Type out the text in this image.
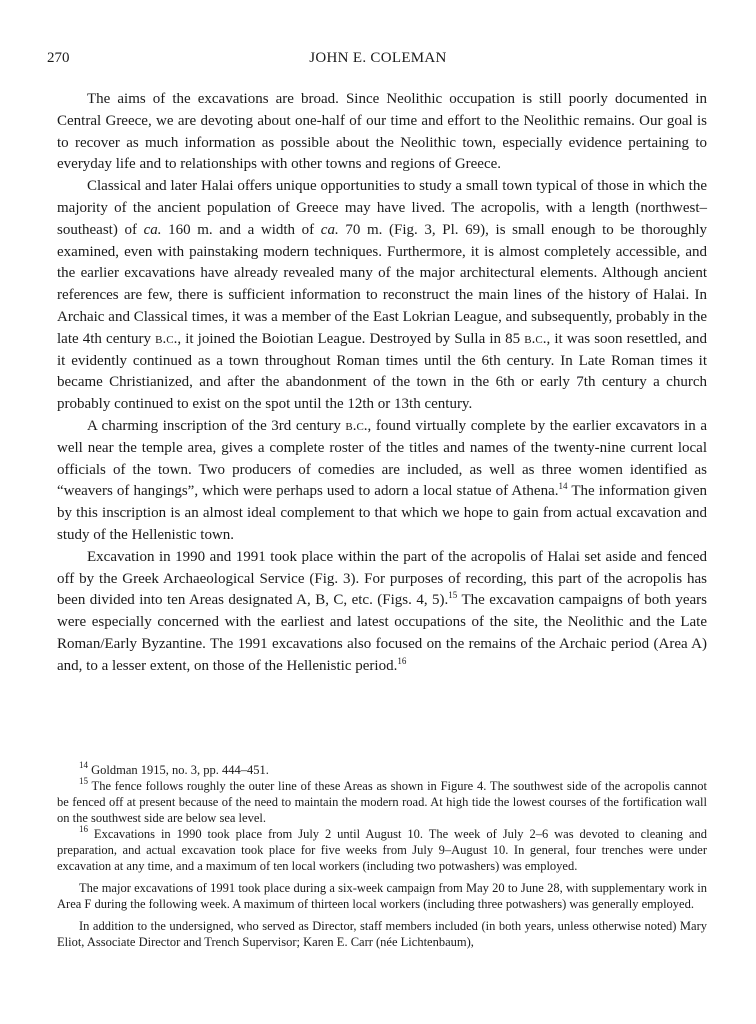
270	JOHN E. COLEMAN

The aims of the excavations are broad. Since Neolithic occupation is still poorly documented in Central Greece, we are devoting about one-half of our time and effort to the Neolithic remains. Our goal is to recover as much information as possible about the Neolithic town, especially evidence pertaining to everyday life and to relationships with other towns and regions of Greece.

Classical and later Halai offers unique opportunities to study a small town typical of those in which the majority of the ancient population of Greece may have lived. The acropolis, with a length (northwest–southeast) of ca. 160 m. and a width of ca. 70 m. (Fig. 3, Pl. 69), is small enough to be thoroughly examined, even with painstaking modern techniques. Furthermore, it is almost completely accessible, and the earlier excavations have already revealed many of the major architectural elements. Although ancient references are few, there is sufficient information to reconstruct the main lines of the history of Halai. In Archaic and Classical times, it was a member of the East Lokrian League, and subsequently, probably in the late 4th century b.c., it joined the Boiotian League. Destroyed by Sulla in 85 b.c., it was soon resettled, and it evidently continued as a town throughout Roman times until the 6th century. In Late Roman times it became Christianized, and after the abandonment of the town in the 6th or early 7th century a church probably continued to exist on the spot until the 12th or 13th century.

A charming inscription of the 3rd century b.c., found virtually complete by the earlier excavators in a well near the temple area, gives a complete roster of the titles and names of the twenty-nine current local officials of the town. Two producers of comedies are included, as well as three women identified as “weavers of hangings”, which were perhaps used to adorn a local statue of Athena.$^{14}$ The information given by this inscription is an almost ideal complement to that which we hope to gain from actual excavation and study of the Hellenistic town.

Excavation in 1990 and 1991 took place within the part of the acropolis of Halai set aside and fenced off by the Greek Archaeological Service (Fig. 3). For purposes of recording, this part of the acropolis has been divided into ten Areas designated A, B, C, etc. (Figs. 4, 5).$^{15}$ The excavation campaigns of both years were especially concerned with the earliest and latest occupations of the site, the Neolithic and the Late Roman/Early Byzantine. The 1991 excavations also focused on the remains of the Archaic period (Area A) and, to a lesser extent, on those of the Hellenistic period.$^{16}$

$^{14}$ Goldman 1915, no. 3, pp. 444–451.

$^{15}$ The fence follows roughly the outer line of these Areas as shown in Figure 4. The southwest side of the acropolis cannot be fenced off at present because of the need to maintain the modern road. At high tide the lowest courses of the fortification wall on the southwest side are below sea level.

$^{16}$ Excavations in 1990 took place from July 2 until August 10. The week of July 2–6 was devoted to cleaning and preparation, and actual excavation took place for five weeks from July 9–August 10. In general, four trenches were under excavation at any time, and a maximum of ten local workers (including two potwashers) was employed.

The major excavations of 1991 took place during a six-week campaign from May 20 to June 28, with supplementary work in Area F during the following week. A maximum of thirteen local workers (including three potwashers) was generally employed.

In addition to the undersigned, who served as Director, staff members included (in both years, unless otherwise noted) Mary Eliot, Associate Director and Trench Supervisor; Karen E. Carr (née Lichtenbaum),
